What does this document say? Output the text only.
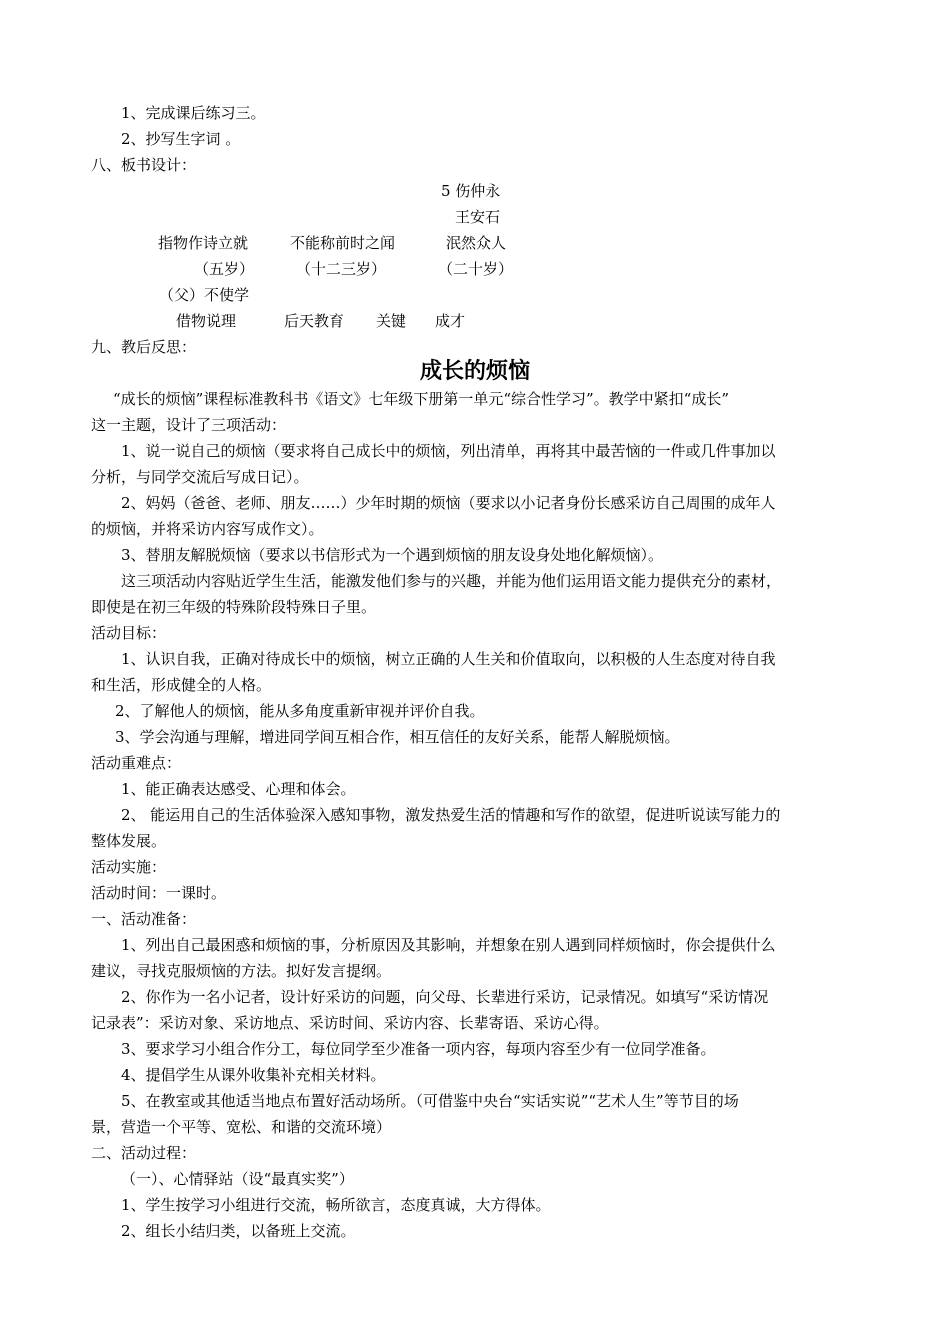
1、完成课后练习三。
2、抄写生字词 。
八、板书设计：
5 伤仲永
王安石
指物作诗立就	不能称前时之闻	泯然众人
（五岁）	（十二三岁）	（二十岁）
（父）不使学
借物说理	后天教育 关键 成才
九、教后反思：
成长的烦恼
“成长的烦恼”课程标准教科书《语文》七年级下册第一单元“综合性学习”。教学中紧扣“成长”
这一主题，设计了三项活动：
1、说一说自己的烦恼（要求将自己成长中的烦恼，列出清单，再将其中最苦恼的一件或几件事加以
分析，与同学交流后写成日记）。
2、妈妈（爸爸、老师、朋友……）少年时期的烦恼（要求以小记者身份长感采访自己周围的成年人
的烦恼，并将采访内容写成作文）。
3、替朋友解脱烦恼（要求以书信形式为一个遇到烦恼的朋友设身处地化解烦恼）。
这三项活动内容贴近学生生活，能激发他们参与的兴趣，并能为他们运用语文能力提供充分的素材，
即使是在初三年级的特殊阶段特殊日子里。
活动目标：
1、认识自我，正确对待成长中的烦恼，树立正确的人生关和价值取向，以积极的人生态度对待自我
和生活，形成健全的人格。
2、了解他人的烦恼，能从多角度重新审视并评价自我。
3、学会沟通与理解，增进同学间互相合作，相互信任的友好关系，能帮人解脱烦恼。
活动重难点：
1、能正确表达感受、心理和体会。
2、 能运用自己的生活体验深入感知事物，激发热爱生活的情趣和写作的欲望，促进听说读写能力的
整体发展。
活动实施：
活动时间：一课时。
一、活动准备：
1、列出自己最困惑和烦恼的事，分析原因及其影响，并想象在别人遇到同样烦恼时，你会提供什么
建议，寻找克服烦恼的方法。拟好发言提纲。
2、你作为一名小记者，设计好采访的问题，向父母、长辈进行采访，记录情况。如填写“采访情况
记录表”：采访对象、采访地点、采访时间、采访内容、长辈寄语、采访心得。
3、要求学习小组合作分工，每位同学至少准备一项内容，每项内容至少有一位同学准备。
4、提倡学生从课外收集补充相关材料。
5、在教室或其他适当地点布置好活动场所。（可借鉴中央台“实话实说”“艺术人生”等节目的场
景，营造一个平等、宽松、和谐的交流环境）
二、活动过程：
（一）、心情驿站（设“最真实奖”）
1、学生按学习小组进行交流，畅所欲言，态度真诚，大方得体。
2、组长小结归类，以备班上交流。
